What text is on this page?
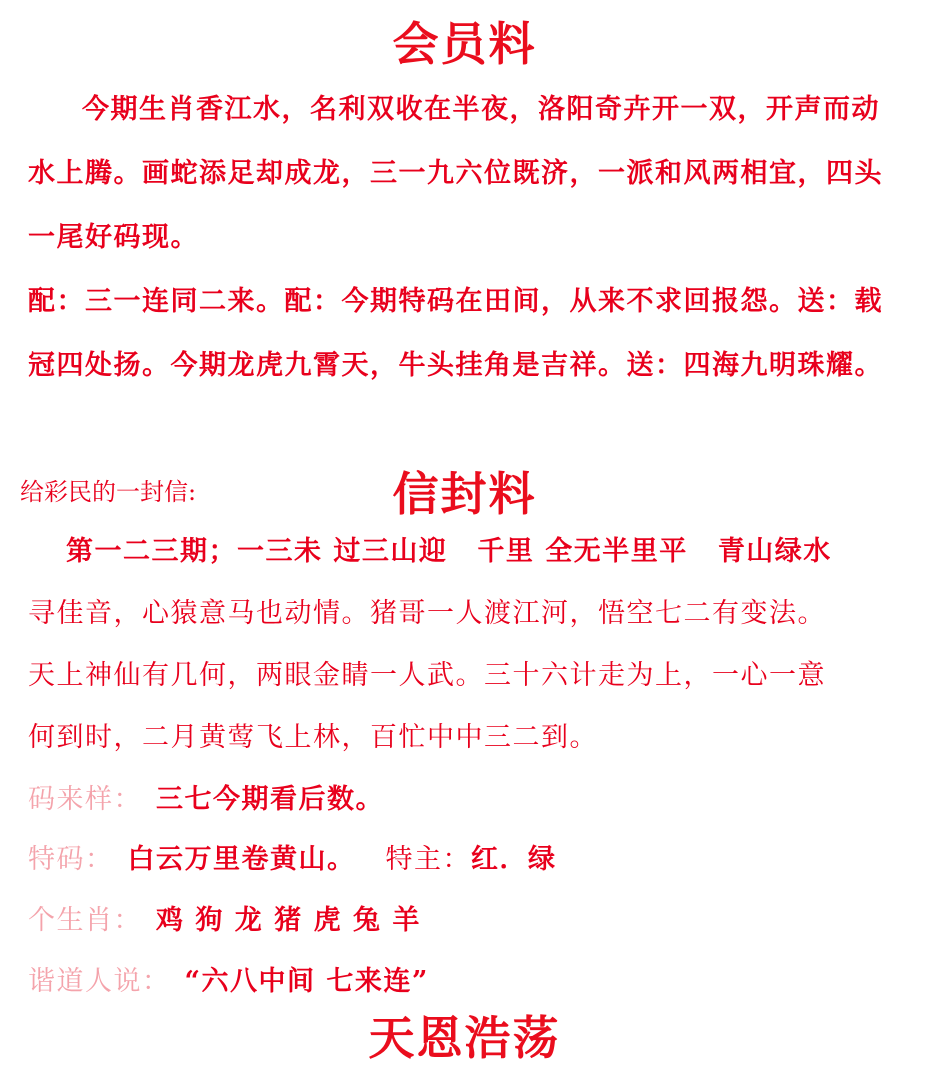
会员料
今期生肖香江水，名利双收在半夜，洛阳奇卉开一双，开声而动水上腾。画蛇添足却成龙，三一九六位既济，一派和风两相宜，四头一尾好码现。
配：三一连同二来。配：今期特码在田间，从来不求回报怨。送：载冠四处扬。今期龙虎九霄天，牛头挂角是吉祥。送：四海九明珠耀。
给彩民的一封信:	信封料
第一二三期；一三未 过三山迎 千里 全无半里平 青山绿水
寻佳音，心猿意马也动情。猪哥一人渡江河，悟空七二有变法。
天上神仙有几何，两眼金睛一人武。三十六计走为上，一心一意
何到时，二月黄莺飞上林，百忙中中三二到。
码来样： 三七今期看后数。
特码： 白云万里卷黄山。 特主：红．绿
个生肖： 鸡 狗 龙 猪 虎 兔 羊
谐道人说： “六八中间 七来连”
天恩浩荡
